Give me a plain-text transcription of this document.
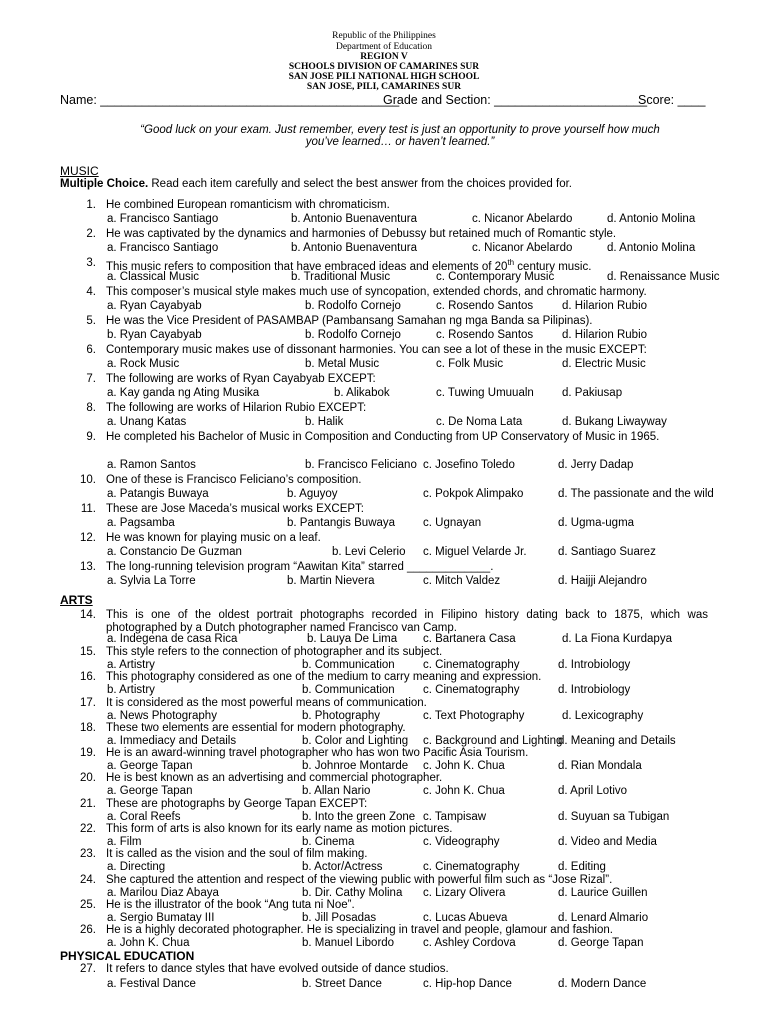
Republic of the Philippines
Department of Education
REGION V
SCHOOLS DIVISION OF CAMARINES SUR
SAN JOSE PILI NATIONAL HIGH SCHOOL
SAN JOSE, PILI, CAMARINES SUR
Name: ___________________________________________
Grade and Section: ______________________
Score: ____
“Good luck on your exam. Just remember, every test is just an opportunity to prove yourself how much
you’ve learned… or haven’t learned.”
MUSIC
Multiple Choice. Read each item carefully and select the best answer from the choices provided for.
1. He combined European romanticism with chromaticism.
a. Francisco Santiago	b. Antonio Buenaventura	c. Nicanor Abelardo	d. Antonio Molina
2. He was captivated by the dynamics and harmonies of Debussy but retained much of Romantic style.
a. Francisco Santiago	b. Antonio Buenaventura	c. Nicanor Abelardo	d. Antonio Molina
3. This music refers to composition that have embraced ideas and elements of 20th century music.
a. Classical Music	b. Traditional Music	c. Contemporary Music	d. Renaissance Music
4. This composer’s musical style makes much use of syncopation, extended chords, and chromatic harmony.
a. Ryan Cayabyab	b. Rodolfo Cornejo	c. Rosendo Santos	d. Hilarion Rubio
5. He was the Vice President of PASAMBAP (Pambansang Samahan ng mga Banda sa Pilipinas).
b. Ryan Cayabyab	b. Rodolfo Cornejo	c. Rosendo Santos	d. Hilarion Rubio
6. Contemporary music makes use of dissonant harmonies. You can see a lot of these in the music EXCEPT:
a. Rock Music	b. Metal Music	c. Folk Music	d. Electric Music
7. The following are works of Ryan Cayabyab EXCEPT:
a. Kay ganda ng Ating Musika	b. Alikabok	c. Tuwing Umuualn d. Pakiusap
8. The following are works of Hilarion Rubio EXCEPT:
a. Unang Katas	b. Halik	c. De Noma Lata	d. Bukang Liwayway
9. He completed his Bachelor of Music in Composition and Conducting from UP Conservatory of Music in 1965.
a. Ramon Santos	b. Francisco Feliciano c. Josefino Toledo	d. Jerry Dadap
10. One of these is Francisco Feliciano’s composition.
a. Patangis Buwaya	b. Aguyoy	c. Pokpok Alimpako	d. The passionate and the wild
11. These are Jose Maceda’s musical works EXCEPT:
a. Pagsamba	b. Pantangis Buwaya c. Ugnayan	d. Ugma-ugma
12. He was known for playing music on a leaf.
a. Constancio De Guzman	b. Levi Celerio c. Miguel Velarde Jr.	d. Santiago Suarez
13. The long-running television program “Aawitan Kita” starred _____________.
a. Sylvia La Torre	b. Martin Nievera	c. Mitch Valdez	d. Haijji Alejandro
ARTS
14. This is one of the oldest portrait photographs recorded in Filipino history dating back to 1875, which was photographed by a Dutch photographer named Francisco van Camp.
a. Indegena de casa Rica	b. Lauya De Lima c. Bartanera Casa	d. La Fiona Kurdapya
15. This style refers to the connection of photographer and its subject.
a. Artistry	b. Communication c. Cinematography	d. Introbiology
16. This photography considered as one of the medium to carry meaning and expression.
b. Artistry	b. Communication c. Cinematography	d. Introbiology
17. It is considered as the most powerful means of communication.
a. News Photography	b. Photography	c. Text Photography	d. Lexicography
18. These two elements are essential for modern photography.
a. Immediacy and Details	b. Color and Lighting c. Background and Lighting
d. Meaning and Details
19. He is an award-winning travel photographer who has won two Pacific Asia Tourism.
a. George Tapan	b. Johnroe Montarde c. John K. Chua	d. Rian Mondala
20. He is best known as an advertising and commercial photographer.
a. George Tapan	b. Allan Nario	c. John K. Chua	d. April Lotivo
21. These are photographs by George Tapan EXCEPT:
a. Coral Reefs	b. Into the green Zone c. Tampisaw	d. Suyuan sa Tubigan
22. This form of arts is also known for its early name as motion pictures.
a. Film	b. Cinema	c. Videography	d. Video and Media
23. It is called as the vision and the soul of film making.
a. Directing	b. Actor/Actress	c. Cinematography	d. Editing
24. She captured the attention and respect of the viewing public with powerful film such as “Jose Rizal”.
a. Marilou Diaz Abaya	b. Dir. Cathy Molina c. Lizary Olivera	d. Laurice Guillen
25. He is the illustrator of the book “Ang tuta ni Noe”.
a. Sergio Bumatay III	b. Jill Posadas	c. Lucas Abueva	d. Lenard Almario
26. He is a highly decorated photographer. He is specializing in travel and people, glamour and fashion.
a. John K. Chua	b. Manuel Libordo	c. Ashley Cordova	d. George Tapan
PHYSICAL EDUCATION
27. It refers to dance styles that have evolved outside of dance studios.
a. Festival Dance	b. Street Dance	c. Hip-hop Dance	d. Modern Dance
